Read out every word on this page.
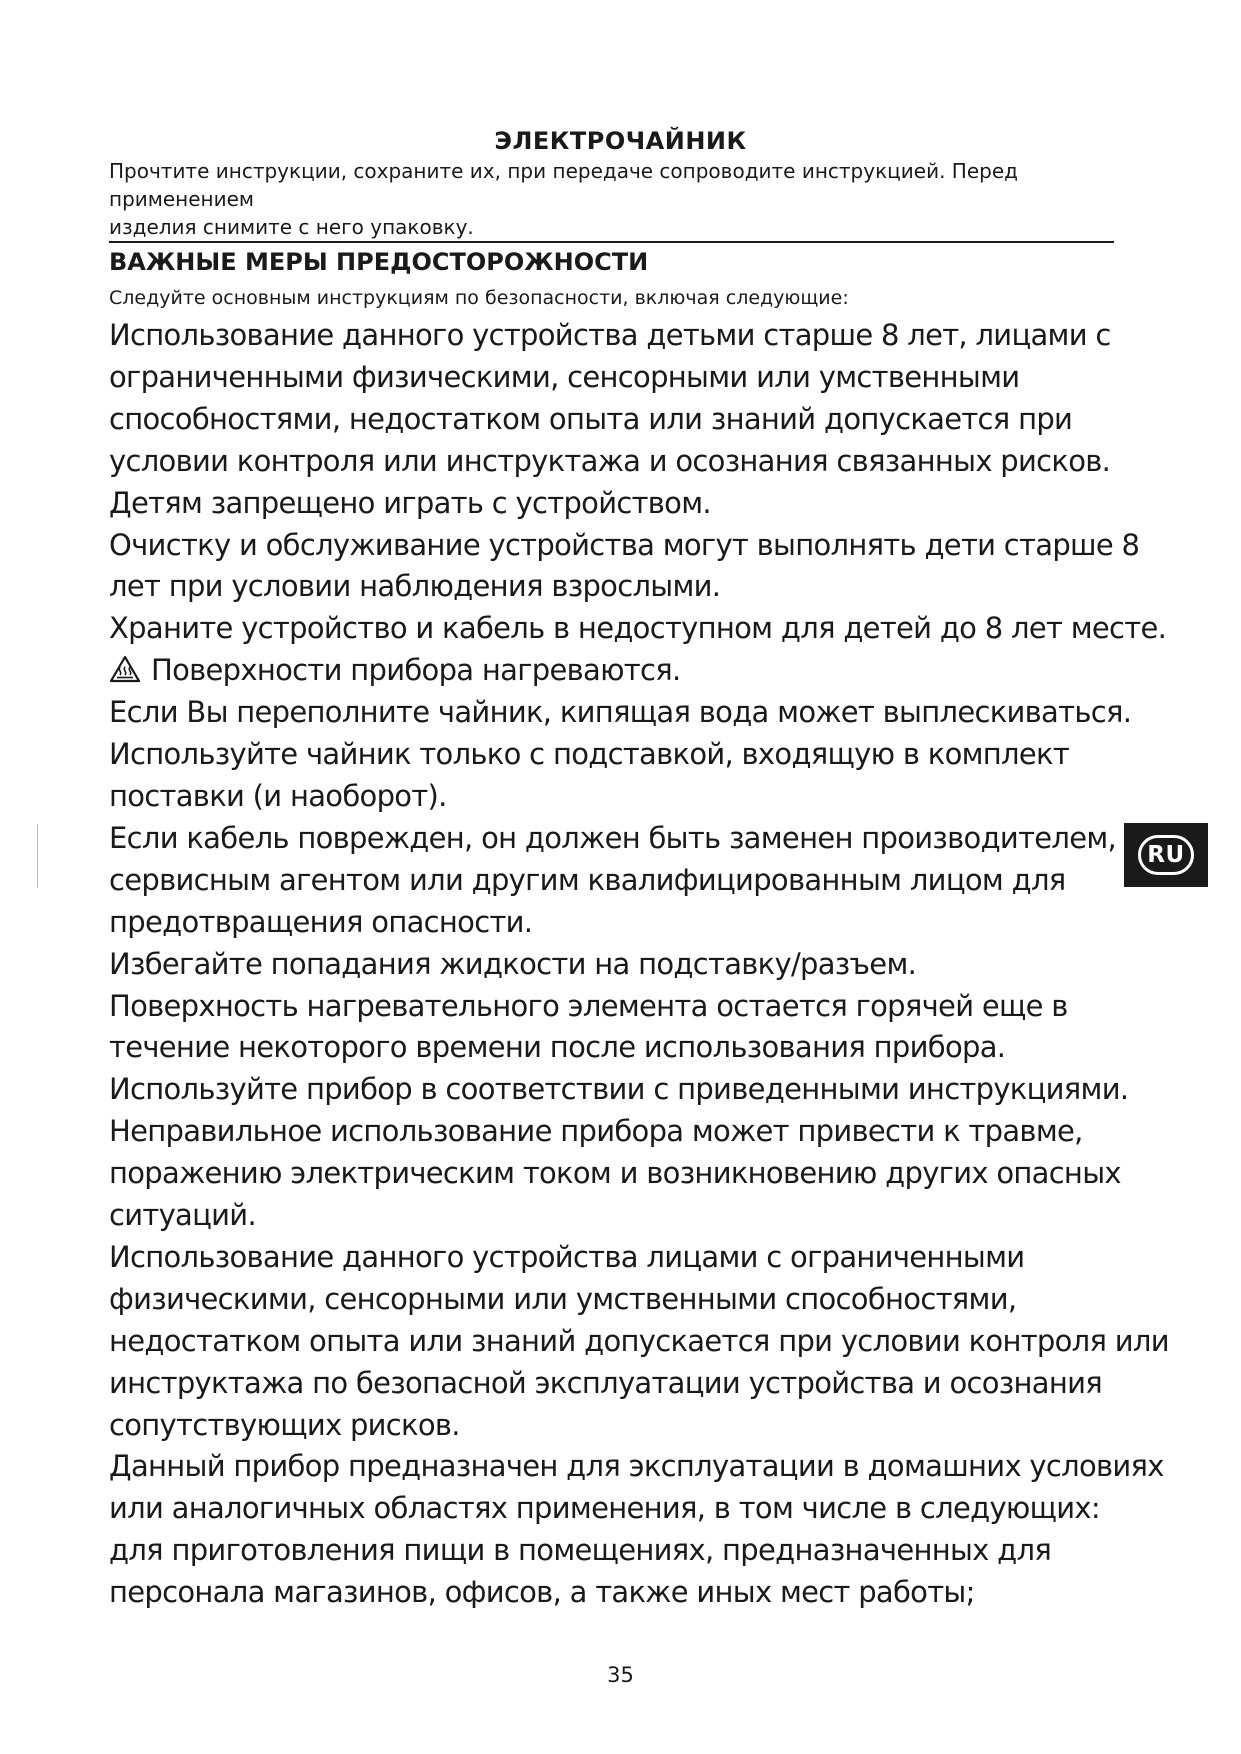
ЭЛЕКТРОЧАЙНИК

Прочтите инструкции, сохраните их, при передаче сопроводите инструкцией. Перед применением
изделия снимите с него упаковку.

ВАЖНЫЕ МЕРЫ ПРЕДОСТОРОЖНОСТИ

Следуйте основным инструкциям по безопасности, включая следующие:

Использование данного устройства детьми старше 8 лет, лицами с
ограниченными физическими, сенсорными или умственными
способностями, недостатком опыта или знаний допускается при
условии контроля или инструктажа и осознания связанных рисков.
Детям запрещено играть с устройством.
Очистку и обслуживание устройства могут выполнять дети старше 8
лет при условии наблюдения взрослыми.
Храните устройство и кабель в недоступном для детей до 8 лет месте.
Поверхности прибора нагреваются.
Если Вы переполните чайник, кипящая вода может выплескиваться.
Используйте чайник только с подставкой, входящую в комплект
поставки (и наоборот).
Если кабель поврежден, он должен быть заменен производителем,
сервисным агентом или другим квалифицированным лицом для
предотвращения опасности.
Избегайте попадания жидкости на подставку/разъем.
Поверхность нагревательного элемента остается горячей еще в
течение некоторого времени после использования прибора.
Используйте прибор в соответствии с приведенными инструкциями.
Неправильное использование прибора может привести к травме,
поражению электрическим током и возникновению других опасных
ситуаций.
Использование данного устройства лицами с ограниченными
физическими, сенсорными или умственными способностями,
недостатком опыта или знаний допускается при условии контроля или
инструктажа по безопасной эксплуатации устройства и осознания
сопутствующих рисков.
Данный прибор предназначен для эксплуатации в домашних условиях
или аналогичных областях применения, в том числе в следующих:
для приготовления пищи в помещениях, предназначенных для
персонала магазинов, офисов, а также иных мест работы;

35

RU
